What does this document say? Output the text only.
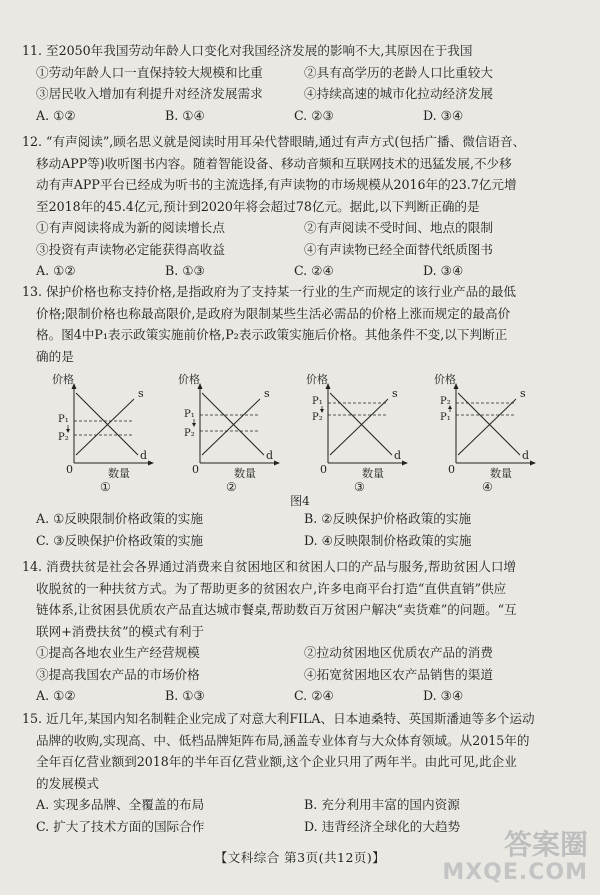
11. 至2050年我国劳动年龄人口变化对我国经济发展的影响不大,其原因在于我国

①劳动年龄人口一直保持较大规模和比重	②具有高学历的老龄人口比重较大
③居民收入增加有利提升对经济发展需求	④持续高速的城市化拉动经济发展
A. ①②	B. ①④	C. ②③	D. ③④

12. “有声阅读”,顾名思义就是阅读时用耳朵代替眼睛,通过有声方式(包括广播、微信语音、

移动APP等)收听图书内容。随着智能设备、移动音频和互联网技术的迅猛发展,不少移

动有声APP平台已经成为听书的主流选择,有声读物的市场规模从2016年的23.7亿元增

至2018年的45.4亿元,预计到2020年将会超过78亿元。据此,以下判断正确的是

①有声阅读将成为新的阅读增长点	②有声阅读不受时间、地点的限制
③投资有声读物必定能获得高收益	④有声读物已经全面替代纸质图书
A. ①②	B. ①③	C. ②④	D. ③④

13. 保护价格也称支持价格,是指政府为了支持某一行业的生产而规定的该行业产品的最低

价格;限制价格也称最高限价,是政府为限制某些生活必需品的价格上涨而规定的最高价

格。图4中P₁表示政策实施前价格,P₂表示政策实施后价格。其他条件不变,以下判断正

确的是

价格
0	数量
s
d
P₁
P₂
①
价格
0	数量
s
d
P₁
P₂
②
价格
0	数量
s
d
P₁
P₂
③
价格
0	数量
s
d
P₂
P₁
④
图4
A. ①反映限制价格政策的实施	B. ②反映保护价格政策的实施
C. ③反映保护价格政策的实施	D. ④反映限制价格政策的实施

14. 消费扶贫是社会各界通过消费来自贫困地区和贫困人口的产品与服务,帮助贫困人口增

收脱贫的一种扶贫方式。为了帮助更多的贫困农户,许多电商平台打造“直供直销”供应

链体系,让贫困县优质农产品直达城市餐桌,帮助数百万贫困户解决“卖货难”的问题。“互

联网+消费扶贫”的模式有利于

①提高各地农业生产经营规模	②拉动贫困地区优质农产品的消费
③提高我国农产品的市场价格	④拓宽贫困地区农产品销售的渠道
A. ①②	B. ①③	C. ②④	D. ③④

15. 近几年,某国内知名制鞋企业完成了对意大利FILA、日本迪桑特、英国斯潘迪等多个运动

品牌的收购,实现高、中、低档品牌矩阵布局,涵盖专业体育与大众体育领域。从2015年的

全年百亿营业额到2018年的半年百亿营业额,这个企业只用了两年半。由此可见,此企业

的发展模式

A. 实现多品牌、全覆盖的布局	B. 充分利用丰富的国内资源
C. 扩大了技术方面的国际合作	D. 违背经济全球化的大趋势
【文科综合 第3页(共12页)】	答案圈
MXQE.COM
